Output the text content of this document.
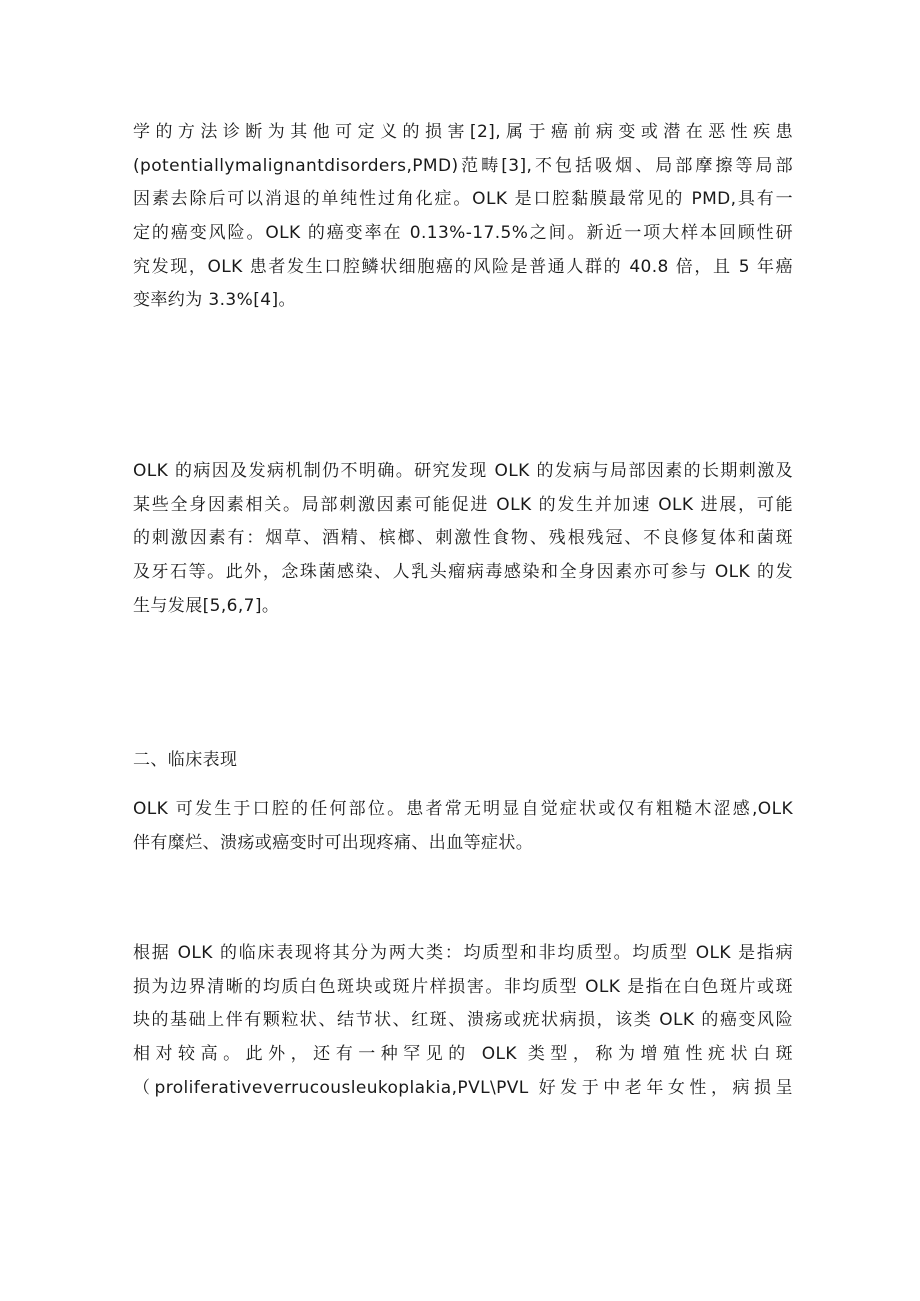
学的方法诊断为其他可定义的损害[2],属于癌前病变或潜在恶性疾患
(potentiallymalignantdisorders,PMD)范畴[3],不包括吸烟、局部摩擦等局部
因素去除后可以消退的单纯性过角化症。OLK 是口腔黏膜最常见的 PMD,具有一
定的癌变风险。OLK 的癌变率在 0.13%-17.5%之间。新近一项大样本回顾性研
究发现，OLK 患者发生口腔鳞状细胞癌的风险是普通人群的 40.8 倍，且 5 年癌
变率约为 3.3%[4]。
OLK 的病因及发病机制仍不明确。研究发现 OLK 的发病与局部因素的长期刺激及
某些全身因素相关。局部刺激因素可能促进 OLK 的发生并加速 OLK 进展，可能
的刺激因素有：烟草、酒精、槟榔、刺激性食物、残根残冠、不良修复体和菌斑
及牙石等。此外，念珠菌感染、人乳头瘤病毒感染和全身因素亦可参与 OLK 的发
生与发展[5,6,7]。
二、临床表现
OLK 可发生于口腔的任何部位。患者常无明显自觉症状或仅有粗糙木涩感,OLK
伴有糜烂、溃疡或癌变时可出现疼痛、出血等症状。
根据 OLK 的临床表现将其分为两大类：均质型和非均质型。均质型 OLK 是指病
损为边界清晰的均质白色斑块或斑片样损害。非均质型 OLK 是指在白色斑片或斑
块的基础上伴有颗粒状、结节状、红斑、溃疡或疣状病损，该类 OLK 的癌变风险
相对较高。此外，还有一种罕见的 OLK 类型，称为增殖性疣状白斑
（proliferativeverrucousleukoplakia,PVL\PVL 好发于中老年女性，病损呈
